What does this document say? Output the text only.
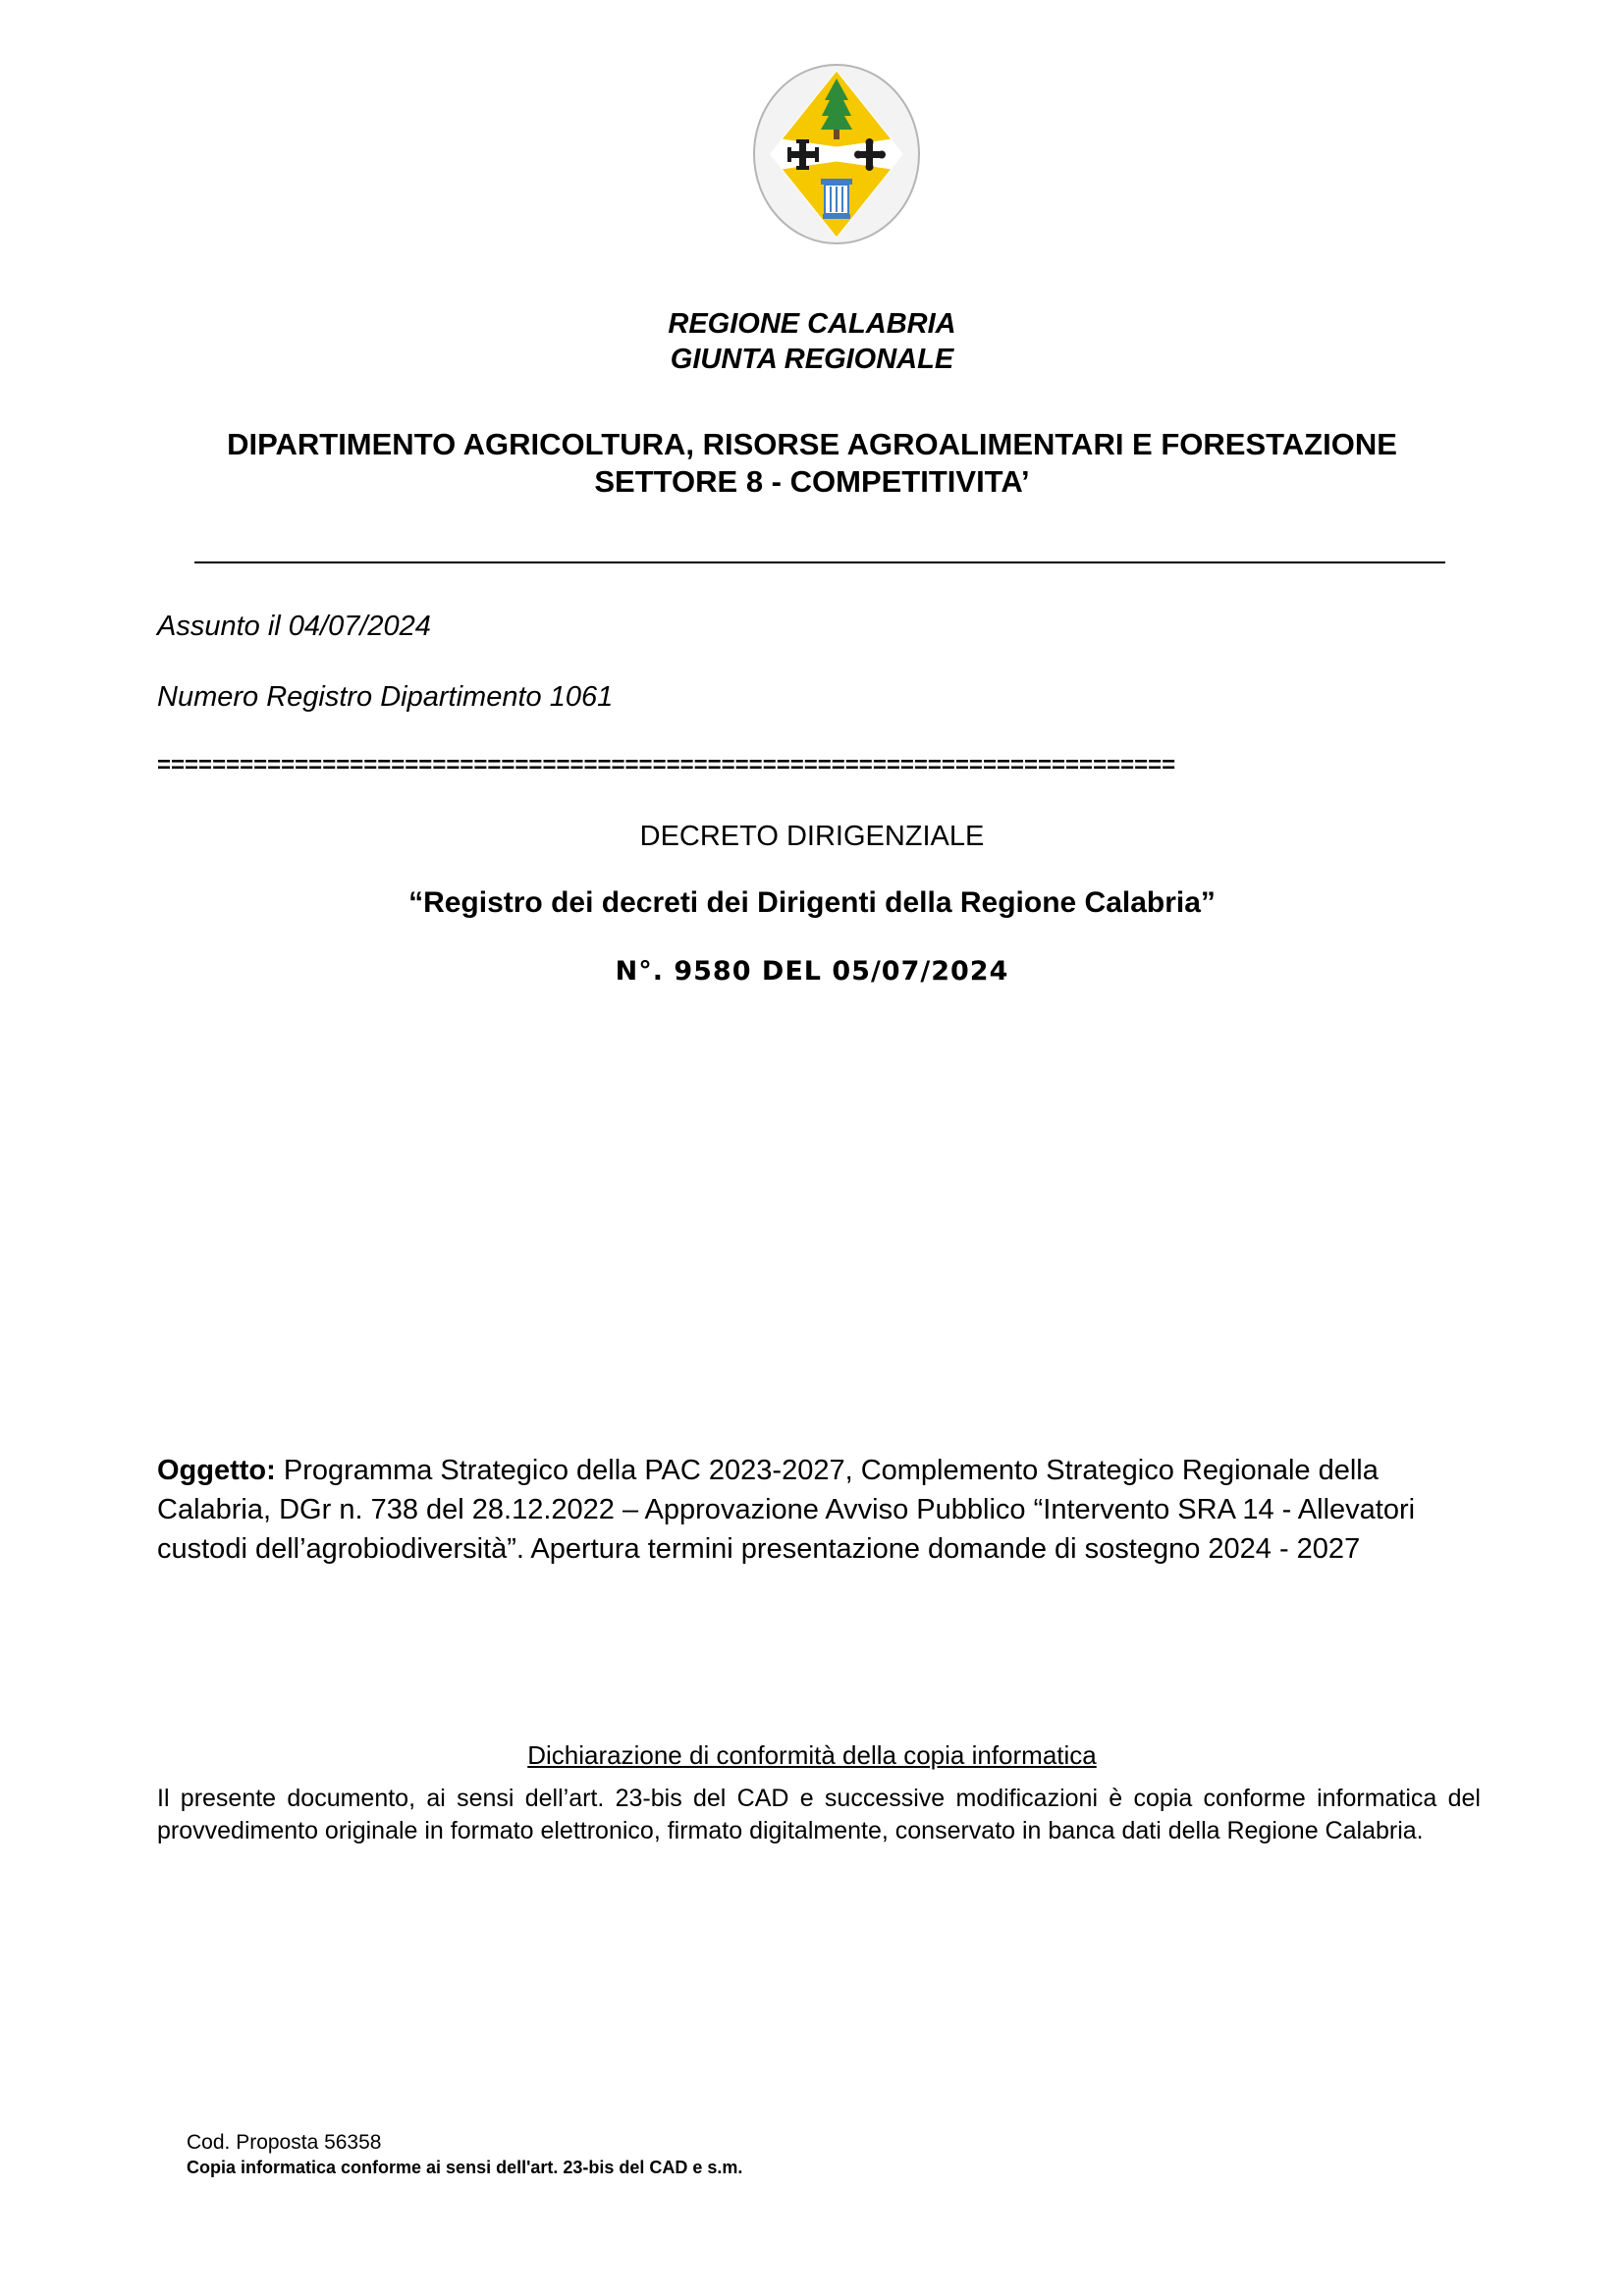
REGIONE CALABRIA
GIUNTA REGIONALE
DIPARTIMENTO AGRICOLTURA, RISORSE AGROALIMENTARI E FORESTAZIONE
SETTORE 8 - COMPETITIVITA’
Assunto il 04/07/2024
Numero Registro Dipartimento 1061
==========================================================================
DECRETO DIRIGENZIALE
“Registro dei decreti dei Dirigenti della Regione Calabria”
N°. 9580 DEL 05/07/2024
Oggetto: Programma Strategico della PAC 2023-2027, Complemento Strategico Regionale della Calabria, DGr n. 738 del 28.12.2022 – Approvazione Avviso Pubblico “Intervento SRA 14 - Allevatori custodi dell’agrobiodiversità”. Apertura termini presentazione domande di sostegno 2024 - 2027
Dichiarazione di conformità della copia informatica
Il presente documento, ai sensi dell’art. 23-bis del CAD e successive modificazioni è copia conforme informatica del provvedimento originale in formato elettronico, firmato digitalmente, conservato in banca dati della Regione Calabria.
Cod. Proposta 56358
Copia informatica conforme ai sensi dell'art. 23-bis del CAD e s.m.
